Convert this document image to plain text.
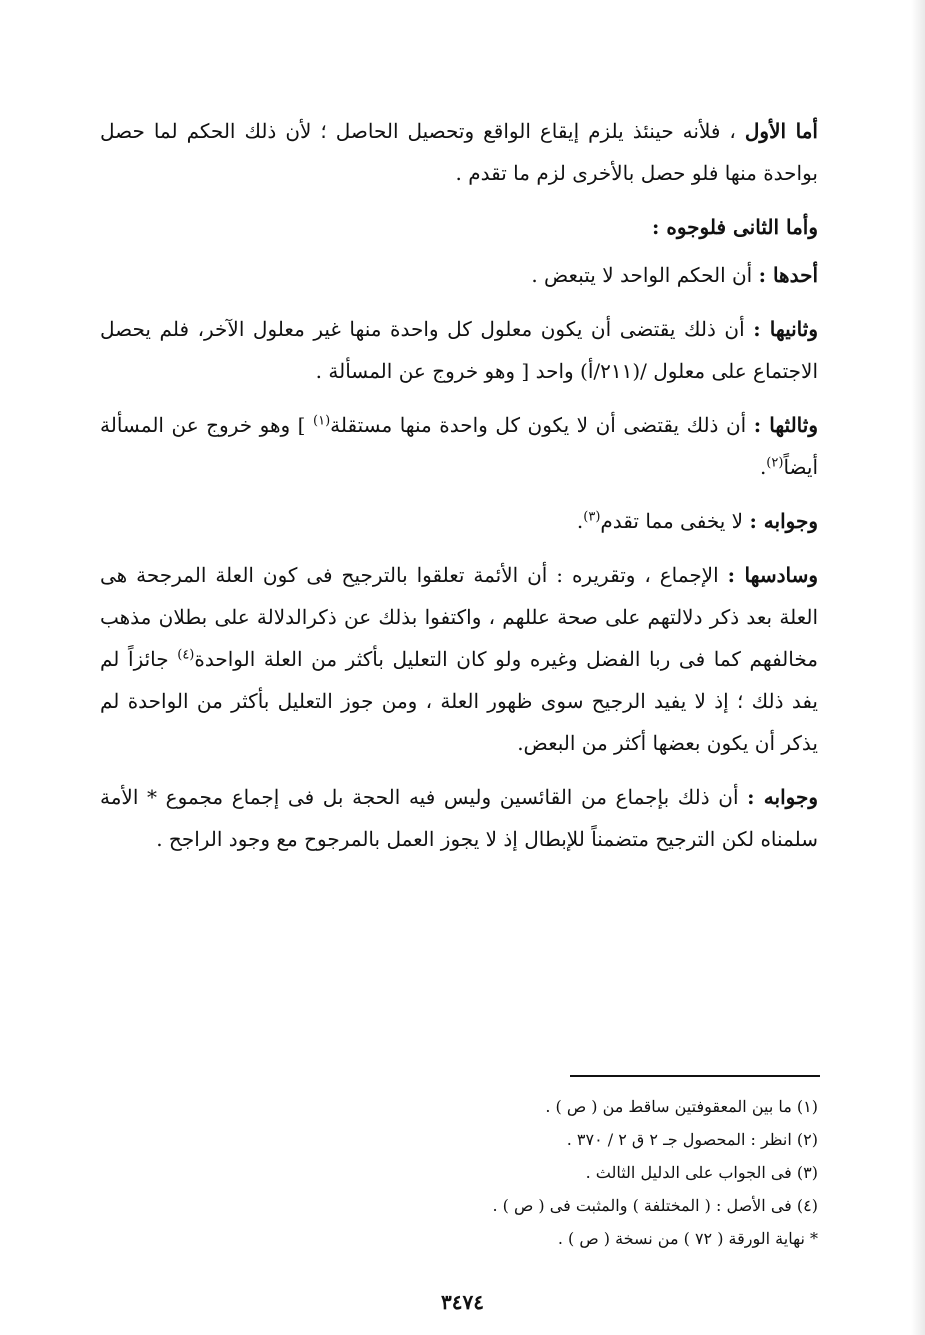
أما الأول ، فلأنه حينئذ يلزم إيقاع الواقع وتحصيل الحاصل ؛ لأن ذلك الحكم لما حصل بواحدة منها فلو حصل بالأخرى لزم ما تقدم .

وأما الثانى فلوجوه :

أحدها : أن الحكم الواحد لا يتبعض .

وثانيها : أن ذلك يقتضى أن يكون معلول كل واحدة منها غير معلول الآخر، فلم يحصل الاجتماع على معلول /(٢١١/أ) واحد [ وهو خروج عن المسألة .

وثالثها : أن ذلك يقتضى أن لا يكون كل واحدة منها مستقلة$^{(١)}$ ] وهو خروج عن المسألة أيضاً$^{(٢)}$.

وجوابه : لا يخفى مما تقدم$^{(٣)}$.

وسادسها : الإجماع ، وتقريره : أن الأئمة تعلقوا بالترجيح فى كون العلة المرجحة هى العلة بعد ذكر دلالتهم على صحة عللهم ، واكتفوا بذلك عن ذكرالدلالة على بطلان مذهب مخالفهم كما فى ربا الفضل وغيره ولو كان التعليل بأكثر من العلة الواحدة$^{(٤)}$ جائزاً لم يفد ذلك ؛ إذ لا يفيد الرجيح سوى ظهور العلة ، ومن جوز التعليل بأكثر من الواحدة لم يذكر أن يكون بعضها أكثر من البعض.

وجوابه : أن ذلك بإجماع من القائسين وليس فيه الحجة بل فى إجماع مجموع * الأمة سلمناه لكن الترجيح متضمناً للإبطال إذ لا يجوز العمل بالمرجوح مع وجود الراجح .

(١) ما بين المعقوفتين ساقط من ( ص ) .

(٢) انظر : المحصول جـ ٢ ق ٢ / ٣٧٠ .

(٣) فى الجواب على الدليل الثالث .

(٤) فى الأصل : ( المختلفة ) والمثبت فى ( ص ) .

* نهاية الورقة ( ٧٢ ) من نسخة ( ص ) .

٣٤٧٤
